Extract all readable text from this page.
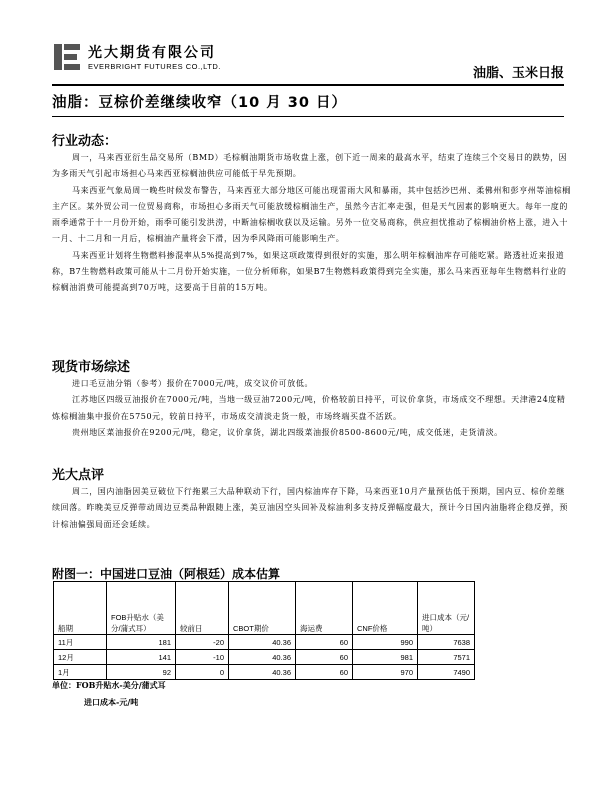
光大期货有限公司
EVERBRIGHT FUTURES CO.,LTD.	油脂、玉米日报
油脂：豆棕价差继续收窄（10 月 30 日）
行业动态：

周一，马来西亚衍生品交易所（BMD）毛棕榈油期货市场收盘上涨，创下近一周来的最高水平，结束了连续三个交易日的跌势，因为多雨天气引起市场担心马来西亚棕榈油供应可能低于早先预期。

马来西亚气象局周一晚些时候发布警告，马来西亚大部分地区可能出现雷雨大风和暴雨，其中包括沙巴州、柔佛州和彭亨州等油棕榈主产区。某外贸公司一位贸易商称，市场担心多雨天气可能放缓棕榈油生产，虽然今吉汇率走强，但是天气因素的影响更大。每年一度的雨季通常于十一月份开始，雨季可能引发洪涝，中断油棕榈收获以及运输。另外一位交易商称，供应担忧推动了棕榈油价格上涨，进入十一月、十二月和一月后，棕榈油产量将会下滑，因为季风降雨可能影响生产。

马来西亚计划将生物燃料掺混率从5%提高到7%，如果这项政策得到很好的实施，那么明年棕榈油库存可能吃紧。路透社近来报道称，B7生物燃料政策可能从十二月份开始实施，一位分析师称，如果B7生物燃料政策得到完全实施，那么马来西亚每年生物燃料行业的棕榈油消费可能提高到70万吨，这要高于目前的15万吨。

现货市场综述

进口毛豆油分销（参考）报价在7000元/吨，成交议价可放低。

江苏地区四级豆油报价在7000元/吨，当地一级豆油7200元/吨，价格较前日持平，可议价拿货，市场成交不理想。天津港24度精炼棕榈油集中报价在5750元，较前日持平，市场成交清淡走货一般，市场终端买盘不活跃。

贵州地区菜油报价在9200元/吨，稳定，议价拿货，湖北四级菜油报价8500-8600元/吨，成交低迷，走货清淡。

光大点评

周二，国内油脂因美豆破位下行拖累三大品种联动下行，国内棕油库存下降，马来西亚10月产量预估低于预期，国内豆、棕价差继续回落。昨晚美豆反弹带动周边豆类品种跟随上涨，美豆油因空头回补及棕油利多支持反弹幅度最大，预计今日国内油脂将企稳反弹，预计棕油偏强局面还会延续。

附图一：中国进口豆油（阿根廷）成本估算
船期	FOB升贴水（美分/蒲式耳）	较前日	CBOT期价	海运费	CNF价格	进口成本（元/吨）
11月	181	-20	40.36	60	990	7638
12月	141	-10	40.36	60	981	7571
1月	92	0	40.36	60	970	7490
单位：FOB升贴水-美分/蒲式耳
进口成本-元/吨
